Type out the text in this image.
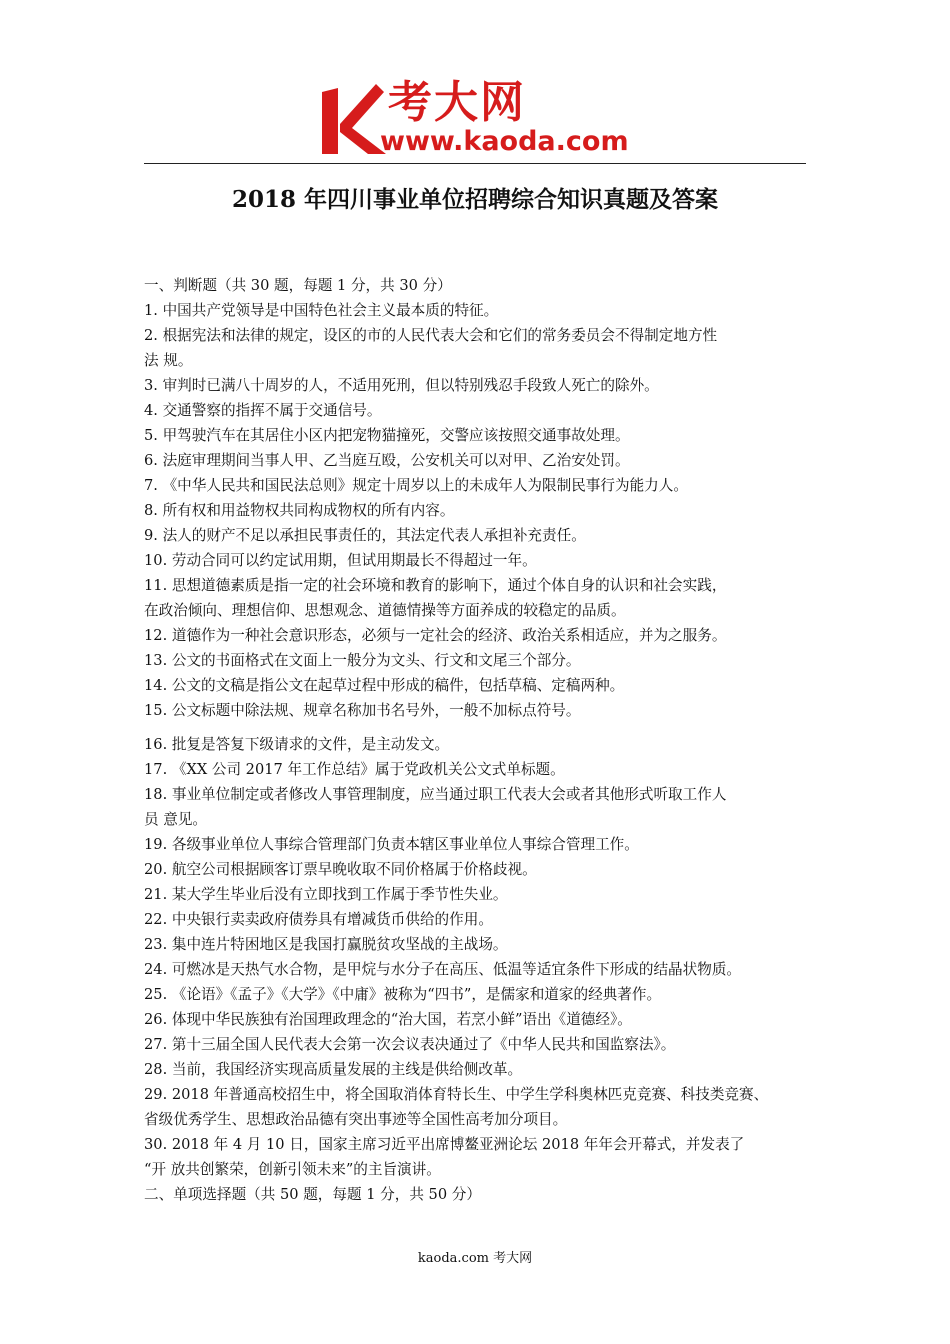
考大网
www.kaoda.com
2018 年四川事业单位招聘综合知识真题及答案
一、判断题（共 30 题，每题 1 分，共 30 分）
1. 中国共产党领导是中国特色社会主义最本质的特征。
2. 根据宪法和法律的规定，设区的市的人民代表大会和它们的常务委员会不得制定地方性
法 规。
3. 审判时已满八十周岁的人，不适用死刑，但以特别残忍手段致人死亡的除外。
4. 交通警察的指挥不属于交通信号。
5. 甲驾驶汽车在其居住小区内把宠物猫撞死，交警应该按照交通事故处理。
6. 法庭审理期间当事人甲、乙当庭互殴，公安机关可以对甲、乙治安处罚。
7. 《中华人民共和国民法总则》规定十周岁以上的未成年人为限制民事行为能力人。
8. 所有权和用益物权共同构成物权的所有内容。
9. 法人的财产不足以承担民事责任的，其法定代表人承担补充责任。
10. 劳动合同可以约定试用期，但试用期最长不得超过一年。
11. 思想道德素质是指一定的社会环境和教育的影响下，通过个体自身的认识和社会实践，
在政治倾向、理想信仰、思想观念、道德情操等方面养成的较稳定的品质。
12. 道德作为一种社会意识形态，必须与一定社会的经济、政治关系相适应，并为之服务。
13. 公文的书面格式在文面上一般分为文头、行文和文尾三个部分。
14. 公文的文稿是指公文在起草过程中形成的稿件，包括草稿、定稿两种。
15. 公文标题中除法规、规章名称加书名号外，一般不加标点符号。
16. 批复是答复下级请求的文件，是主动发文。
17. 《XX 公司 2017 年工作总结》属于党政机关公文式单标题。
18. 事业单位制定或者修改人事管理制度，应当通过职工代表大会或者其他形式听取工作人
员 意见。
19. 各级事业单位人事综合管理部门负责本辖区事业单位人事综合管理工作。
20. 航空公司根据顾客订票早晚收取不同价格属于价格歧视。
21. 某大学生毕业后没有立即找到工作属于季节性失业。
22. 中央银行卖卖政府债券具有增减货币供给的作用。
23. 集中连片特困地区是我国打赢脱贫攻坚战的主战场。
24. 可燃冰是天热气水合物，是甲烷与水分子在高压、低温等适宜条件下形成的结晶状物质。
25. 《论语》《孟子》《大学》《中庸》被称为“四书”，是儒家和道家的经典著作。
26. 体现中华民族独有治国理政理念的“治大国，若烹小鲜”语出《道德经》。
27. 第十三届全国人民代表大会第一次会议表决通过了《中华人民共和国监察法》。
28. 当前，我国经济实现高质量发展的主线是供给侧改革。
29. 2018 年普通高校招生中，将全国取消体育特长生、中学生学科奥林匹克竞赛、科技类竞赛、
省级优秀学生、思想政治品德有突出事迹等全国性高考加分项目。
30. 2018 年 4 月 10 日，国家主席习近平出席博鳌亚洲论坛 2018 年年会开幕式，并发表了
“开 放共创繁荣，创新引领未来”的主旨演讲。
二、单项选择题（共 50 题，每题 1 分，共 50 分）
kaoda.com 考大网
